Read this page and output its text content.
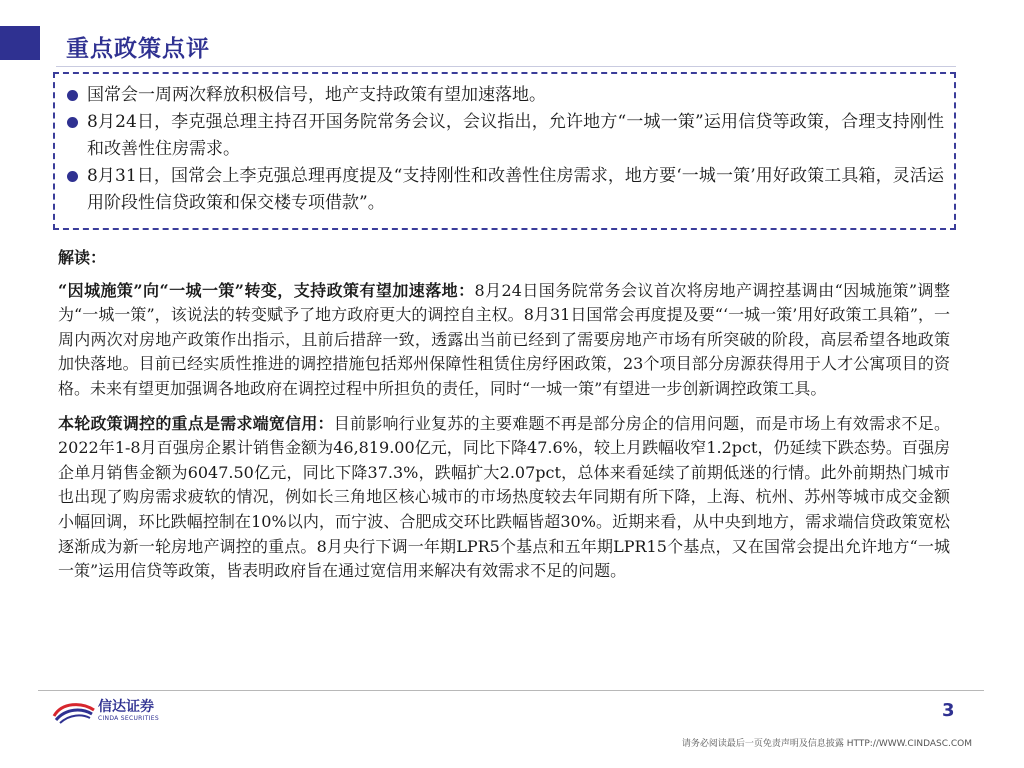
重点政策点评
国常会一周两次释放积极信号，地产支持政策有望加速落地。
8月24日，李克强总理主持召开国务院常务会议，会议指出，允许地方“一城一策”运用信贷等政策，合理支持刚性和改善性住房需求。
8月31日，国常会上李克强总理再度提及“支持刚性和改善性住房需求，地方要‘一城一策’用好政策工具箱，灵活运用阶段性信贷政策和保交楼专项借款”。
解读：

“因城施策”向“一城一策”转变，支持政策有望加速落地：8月24日国务院常务会议首次将房地产调控基调由“因城施策”调整为“一城一策”，该说法的转变赋予了地方政府更大的调控自主权。8月31日国常会再度提及要“‘一城一策’用好政策工具箱”，一周内两次对房地产政策作出指示，且前后措辞一致，透露出当前已经到了需要房地产市场有所突破的阶段，高层希望各地政策加快落地。目前已经实质性推进的调控措施包括郑州保障性租赁住房纾困政策，23个项目部分房源获得用于人才公寓项目的资格。未来有望更加强调各地政府在调控过程中所担负的责任，同时“一城一策”有望进一步创新调控政策工具。

本轮政策调控的重点是需求端宽信用：目前影响行业复苏的主要难题不再是部分房企的信用问题，而是市场上有效需求不足。2022年1-8月百强房企累计销售金额为46,819.00亿元，同比下降47.6%，较上月跌幅收窄1.2pct，仍延续下跌态势。百强房企单月销售金额为6047.50亿元，同比下降37.3%，跌幅扩大2.07pct，总体来看延续了前期低迷的行情。此外前期热门城市也出现了购房需求疲软的情况，例如长三角地区核心城市的市场热度较去年同期有所下降，上海、杭州、苏州等城市成交金额小幅回调，环比跌幅控制在10%以内，而宁波、合肥成交环比跌幅皆超30%。近期来看，从中央到地方，需求端信贷政策宽松逐渐成为新一轮房地产调控的重点。8月央行下调一年期LPR5个基点和五年期LPR15个基点，又在国常会提出允许地方“一城一策”运用信贷等政策，皆表明政府旨在通过宽信用来解决有效需求不足的问题。

信达证券
CINDA SECURITIES	3
请务必阅读最后一页免责声明及信息披露 HTTP://WWW.CINDASC.COM
